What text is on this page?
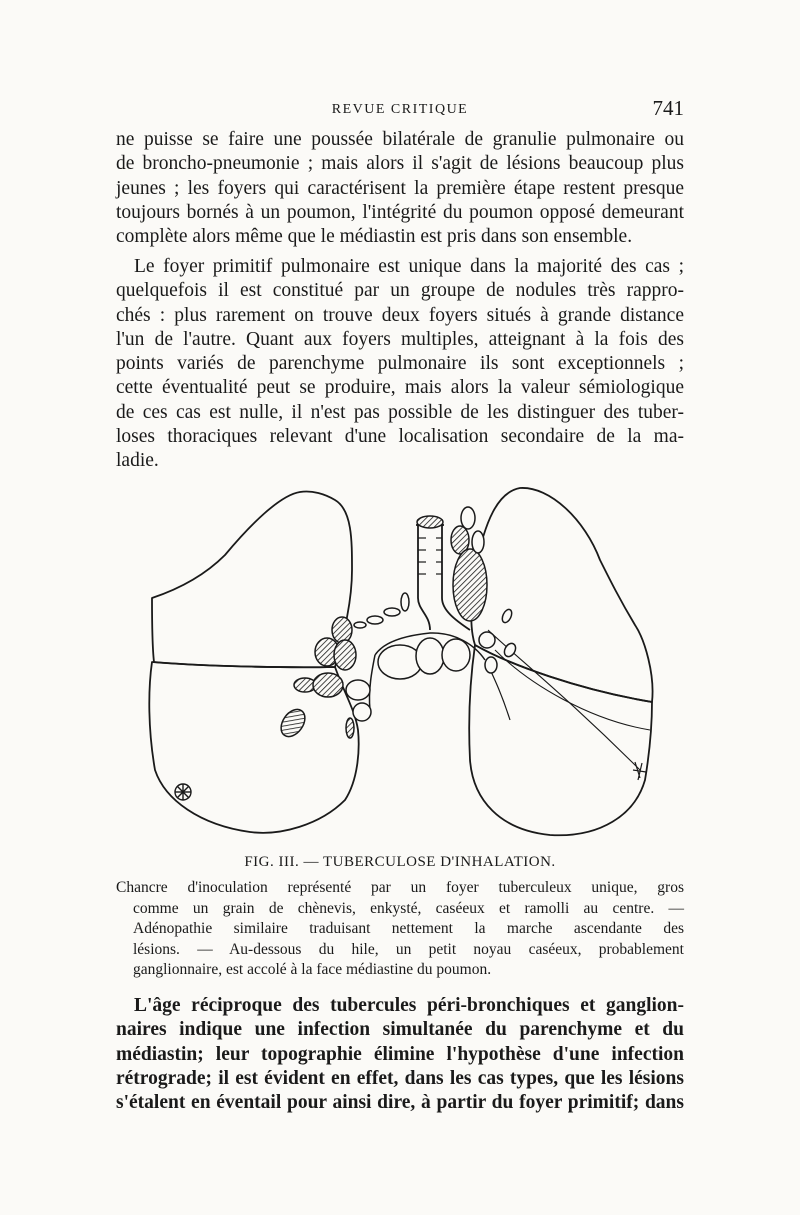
REVUE CRITIQUE	741
ne puisse se faire une poussée bilatérale de granulie pulmonaire ou
de broncho-pneumonie ; mais alors il s'agit de lésions beaucoup plus
jeunes ; les foyers qui caractérisent la première étape restent presque
toujours bornés à un poumon, l'intégrité du poumon opposé demeurant
complète alors même que le médiastin est pris dans son ensemble.
Le foyer primitif pulmonaire est unique dans la majorité des cas ;
quelquefois il est constitué par un groupe de nodules très rappro-
chés : plus rarement on trouve deux foyers situés à grande distance
l'un de l'autre. Quant aux foyers multiples, atteignant à la fois des
points variés de parenchyme pulmonaire ils sont exceptionnels ;
cette éventualité peut se produire, mais alors la valeur sémiologique
de ces cas est nulle, il n'est pas possible de les distinguer des tuber-
loses thoraciques relevant d'une localisation secondaire de la ma-
ladie.
FIG. III. — TUBERCULOSE D'INHALATION.
Chancre d'inoculation représenté par un foyer tuberculeux unique, gros
comme un grain de chènevis, enkysté, caséeux et ramolli au centre. —
Adénopathie similaire traduisant nettement la marche ascendante des
lésions. — Au-dessous du hile, un petit noyau caséeux, probablement
ganglionnaire, est accolé à la face médiastine du poumon.
L'âge réciproque des tubercules péri-bronchiques et ganglion-
naires indique une infection simultanée du parenchyme et du
médiastin; leur topographie élimine l'hypothèse d'une infection
rétrograde; il est évident en effet, dans les cas types, que les lésions
s'étalent en éventail pour ainsi dire, à partir du foyer primitif; dans
